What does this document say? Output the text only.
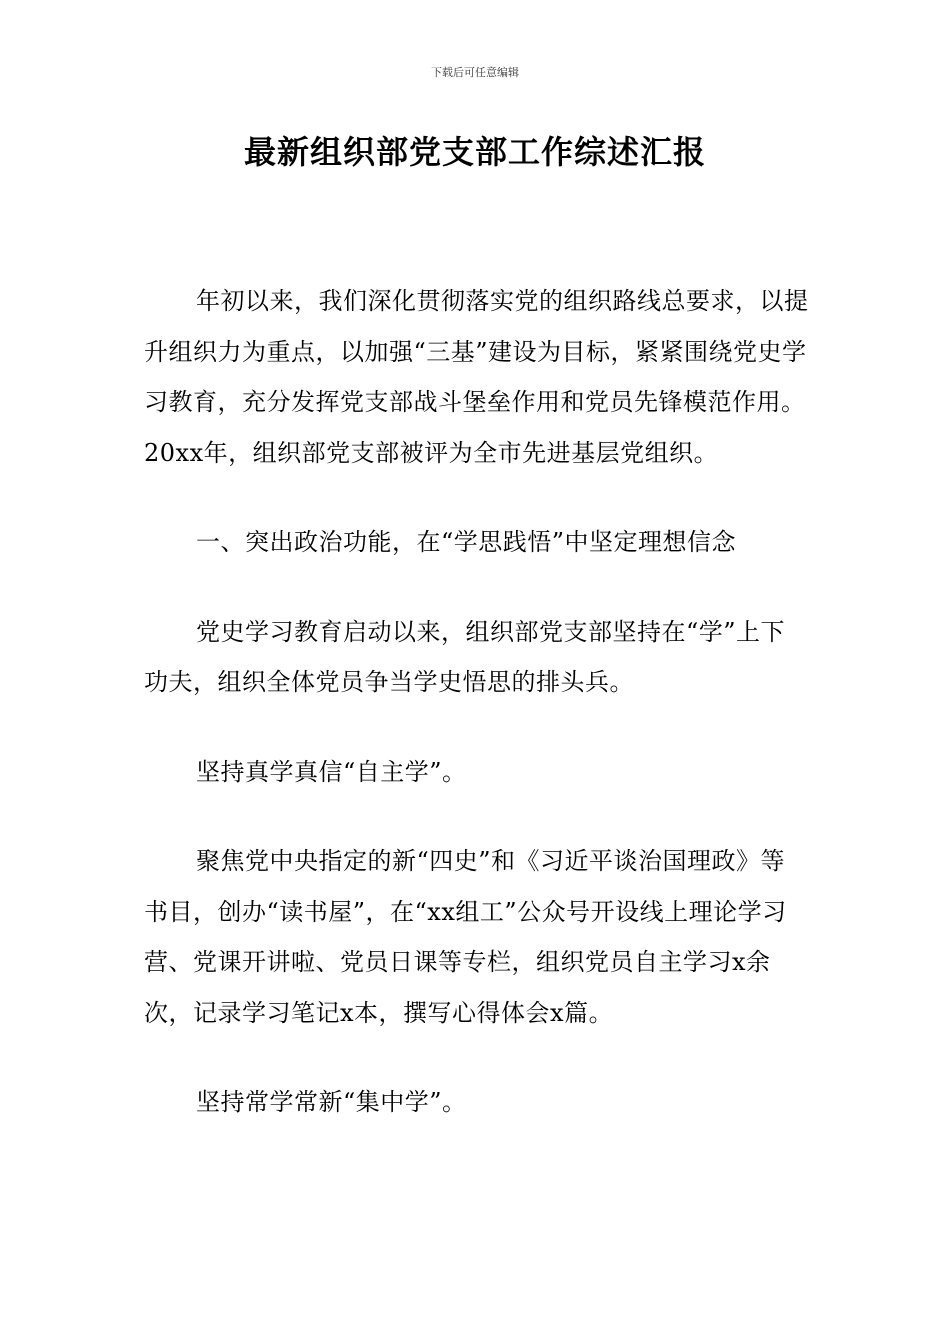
下载后可任意编辑
最新组织部党支部工作综述汇报

年初以来，我们深化贯彻落实党的组织路线总要求，以提升组织力为重点，以加强“三基”建设为目标，紧紧围绕党史学习教育，充分发挥党支部战斗堡垒作用和党员先锋模范作用。20xx年，组织部党支部被评为全市先进基层党组织。

一、突出政治功能，在“学思践悟”中坚定理想信念

党史学习教育启动以来，组织部党支部坚持在“学”上下功夫，组织全体党员争当学史悟思的排头兵。

坚持真学真信“自主学”。

聚焦党中央指定的新“四史”和《习近平谈治国理政》等书目，创办“读书屋”，在“xx组工”公众号开设线上理论学习营、党课开讲啦、党员日课等专栏，组织党员自主学习x余次，记录学习笔记x本，撰写心得体会x篇。

坚持常学常新“集中学”。
